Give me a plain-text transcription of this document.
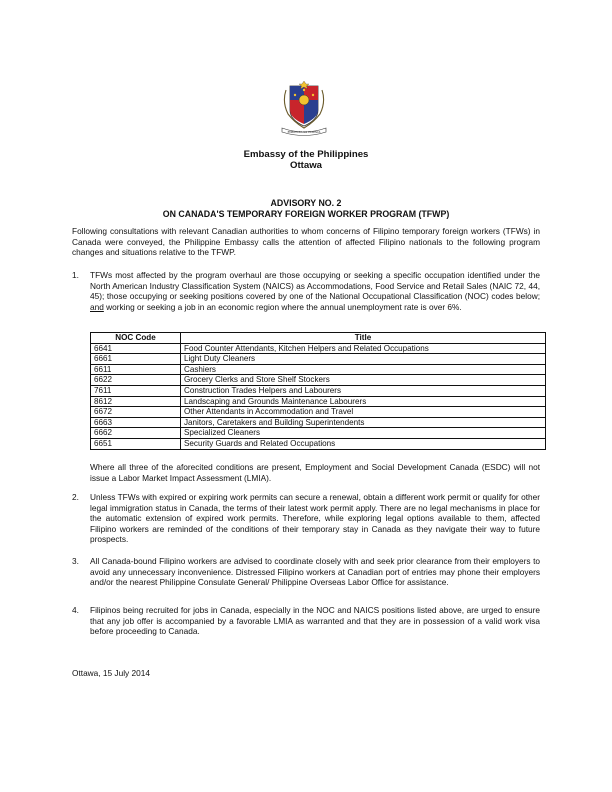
EMBAHADA NG PILIPINAS
Embassy of the Philippines
Ottawa
ADVISORY NO. 2
ON CANADA'S TEMPORARY FOREIGN WORKER PROGRAM (TFWP)

Following consultations with relevant Canadian authorities to whom concerns of Filipino temporary foreign workers (TFWs) in Canada were conveyed, the Philippine Embassy calls the attention of affected Filipino nationals to the following program changes and situations relative to the TFWP.

1. TFWs most affected by the program overhaul are those occupying or seeking a specific occupation identified under the North American Industry Classification System (NAICS) as Accommodations, Food Service and Retail Sales (NAIC 72, 44, 45); those occupying or seeking positions covered by one of the National Occupational Classification (NOC) codes below; and working or seeking a job in an economic region where the annual unemployment rate is over 6%.
NOC Code	Title
6641	Food Counter Attendants, Kitchen Helpers and Related Occupations
6661	Light Duty Cleaners
6611	Cashiers
6622	Grocery Clerks and Store Shelf Stockers
7611	Construction Trades Helpers and Labourers
8612	Landscaping and Grounds Maintenance Labourers
6672	Other Attendants in Accommodation and Travel
6663	Janitors, Caretakers and Building Superintendents
6662	Specialized Cleaners
6651	Security Guards and Related Occupations
Where all three of the aforecited conditions are present, Employment and Social Development Canada (ESDC) will not issue a Labor Market Impact Assessment (LMIA).
2. Unless TFWs with expired or expiring work permits can secure a renewal, obtain a different work permit or qualify for other legal immigration status in Canada, the terms of their latest work permit apply. There are no legal mechanisms in place for the automatic extension of expired work permits. Therefore, while exploring legal options available to them, affected Filipino workers are reminded of the conditions of their temporary stay in Canada as they navigate their way to future prospects.
3. All Canada-bound Filipino workers are advised to coordinate closely with and seek prior clearance from their employers to avoid any unnecessary inconvenience. Distressed Filipino workers at Canadian port of entries may phone their employers and/or the nearest Philippine Consulate General/ Philippine Overseas Labor Office for assistance.
4. Filipinos being recruited for jobs in Canada, especially in the NOC and NAICS positions listed above, are urged to ensure that any job offer is accompanied by a favorable LMIA as warranted and that they are in possession of a valid work visa before proceeding to Canada.
Ottawa, 15 July 2014
